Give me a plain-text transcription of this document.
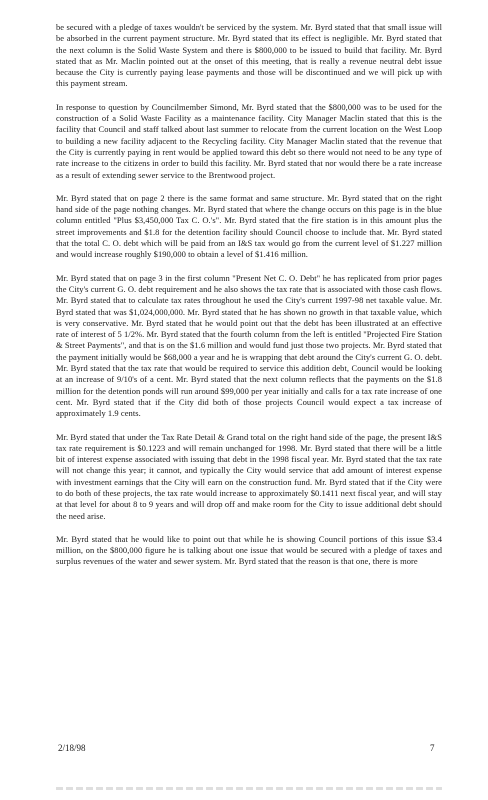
be secured with a pledge of taxes wouldn't be serviced by the system. Mr. Byrd stated that that small issue will be absorbed in the current payment structure. Mr. Byrd stated that its effect is negligible. Mr. Byrd stated that the next column is the Solid Waste System and there is $800,000 to be issued to build that facility. Mr. Byrd stated that as Mr. Maclin pointed out at the onset of this meeting, that is really a revenue neutral debt issue because the City is currently paying lease payments and those will be discontinued and we will pick up with this payment stream.

In response to question by Councilmember Simond, Mr. Byrd stated that the $800,000 was to be used for the construction of a Solid Waste Facility as a maintenance facility. City Manager Maclin stated that this is the facility that Council and staff talked about last summer to relocate from the current location on the West Loop to building a new facility adjacent to the Recycling facility. City Manager Maclin stated that the revenue that the City is currently paying in rent would be applied toward this debt so there would not need to be any type of rate increase to the citizens in order to build this facility. Mr. Byrd stated that nor would there be a rate increase as a result of extending sewer service to the Brentwood project.

Mr. Byrd stated that on page 2 there is the same format and same structure. Mr. Byrd stated that on the right hand side of the page nothing changes. Mr. Byrd stated that where the change occurs on this page is in the blue column entitled "Plus $3,450,000 Tax C. O.'s". Mr. Byrd stated that the fire station is in this amount plus the street improvements and $1.8 for the detention facility should Council choose to include that. Mr. Byrd stated that the total C. O. debt which will be paid from an I&S tax would go from the current level of $1.227 million and would increase roughly $190,000 to obtain a level of $1.416 million.

Mr. Byrd stated that on page 3 in the first column "Present Net C. O. Debt" he has replicated from prior pages the City's current G. O. debt requirement and he also shows the tax rate that is associated with those cash flows. Mr. Byrd stated that to calculate tax rates throughout he used the City's current 1997-98 net taxable value. Mr. Byrd stated that was $1,024,000,000. Mr. Byrd stated that he has shown no growth in that taxable value, which is very conservative. Mr. Byrd stated that he would point out that the debt has been illustrated at an effective rate of interest of 5 1/2%. Mr. Byrd stated that the fourth column from the left is entitled "Projected Fire Station & Street Payments", and that is on the $1.6 million and would fund just those two projects. Mr. Byrd stated that the payment initially would be $68,000 a year and he is wrapping that debt around the City's current G. O. debt. Mr. Byrd stated that the tax rate that would be required to service this addition debt, Council would be looking at an increase of 9/10's of a cent. Mr. Byrd stated that the next column reflects that the payments on the $1.8 million for the detention ponds will run around $99,000 per year initially and calls for a tax rate increase of one cent. Mr. Byrd stated that if the City did both of those projects Council would expect a tax increase of approximately 1.9 cents.

Mr. Byrd stated that under the Tax Rate Detail & Grand total on the right hand side of the page, the present I&S tax rate requirement is $0.1223 and will remain unchanged for 1998. Mr. Byrd stated that there will be a little bit of interest expense associated with issuing that debt in the 1998 fiscal year. Mr. Byrd stated that the tax rate will not change this year; it cannot, and typically the City would service that add amount of interest expense with investment earnings that the City will earn on the construction fund. Mr. Byrd stated that if the City were to do both of these projects, the tax rate would increase to approximately $0.1411 next fiscal year, and will stay at that level for about 8 to 9 years and will drop off and make room for the City to issue additional debt should the need arise.

Mr. Byrd stated that he would like to point out that while he is showing Council portions of this issue $3.4 million, on the $800,000 figure he is talking about one issue that would be secured with a pledge of taxes and surplus revenues of the water and sewer system. Mr. Byrd stated that the reason is that one, there is more

2/18/98	7
